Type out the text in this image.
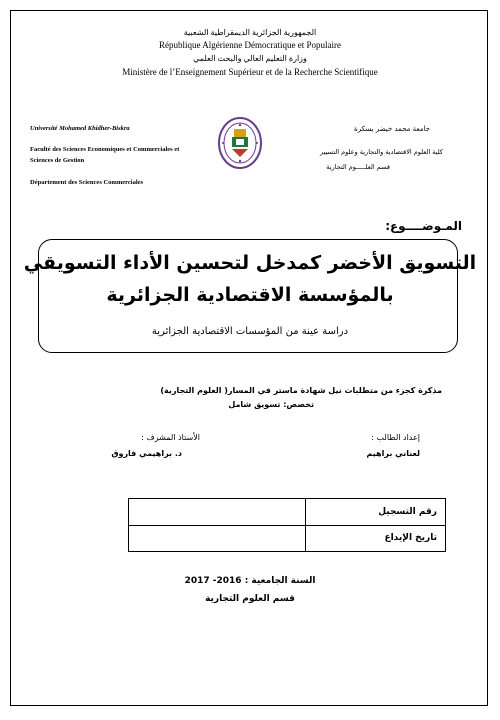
الجمهورية الجزائرية الديمقراطية الشعبية
République Algérienne Démocratique et Populaire
وزارة التعليم العالي والبحث العلمي
Ministère de l’Enseignement Supérieur et de la Recherche Scientifique
Université Mohamed Khidher-Biskra
Faculté des Sciences Economiques et Commerciales et
Sciences de Gestion
Département des Sciences Commerciales
جامعة محمد خيضر بسكرة
كلية العلوم الاقتصادية والتجارية وعلوم التسيير
قسم العلـــــوم التجارية
المـوضــــوع:
التسويق الأخضر كمدخل لتحسين الأداء التسويقي
بالمؤسسة الاقتصادية الجزائرية
دراسة عينة من المؤسسات الاقتصادية الجزائرية
مذكرة كجزء من متطلبات نيل شهادة ماستر في المسار( العلوم التجارية)
تخصص: تسويق شامل
إعداد الطالب :
لعناني براهيم
الأستاذ المشرف :
د. براهيمي فاروق
	رقم التسجيل
	تاريخ الإيداع
السنة الجامعية : 2016- 2017
قسم العلوم التجارية
